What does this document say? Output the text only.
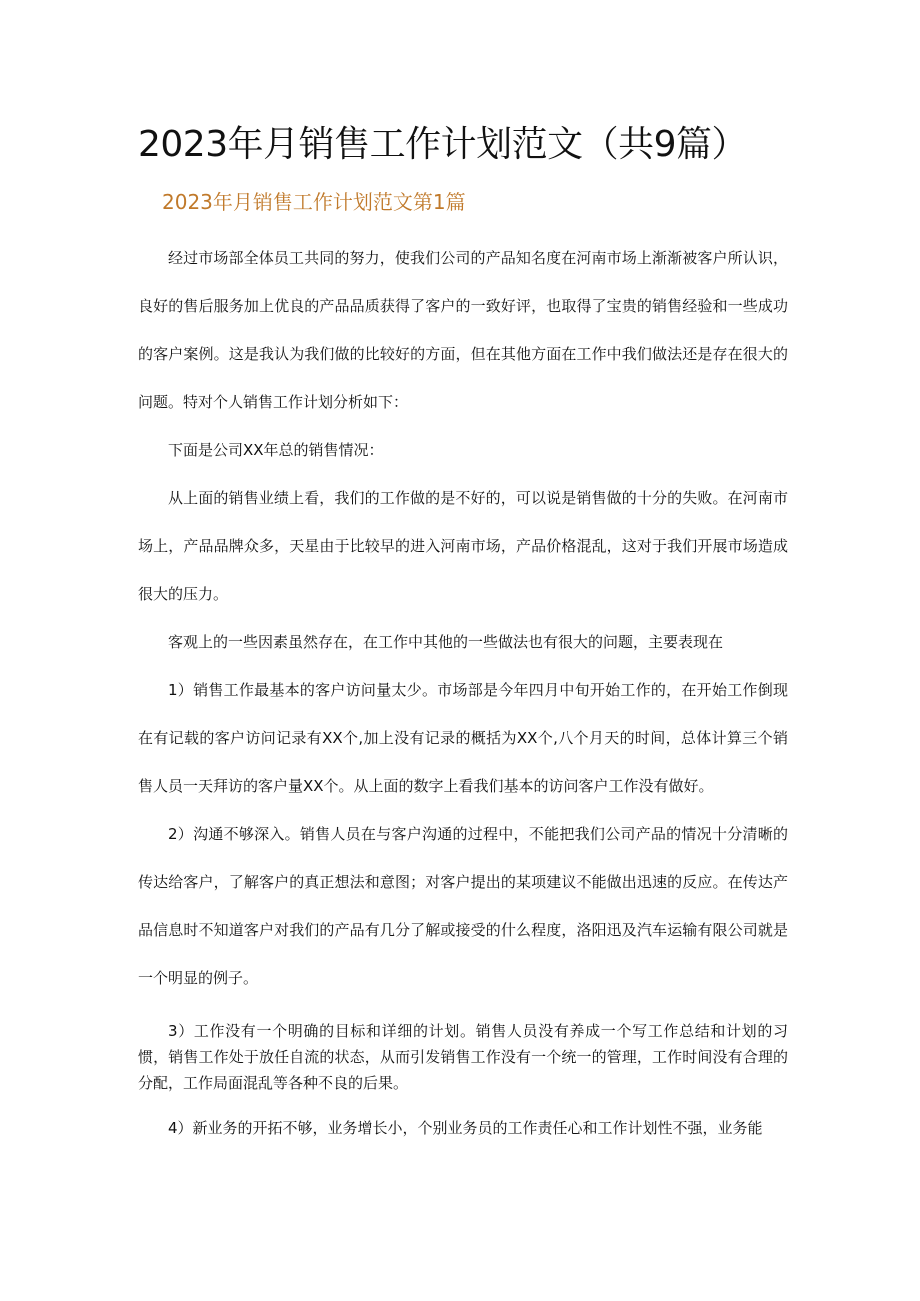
2023年月销售工作计划范文（共9篇）
2023年月销售工作计划范文第1篇

经过市场部全体员工共同的努力，使我们公司的产品知名度在河南市场上渐渐被客户所认识，良好的售后服务加上优良的产品品质获得了客户的一致好评，也取得了宝贵的销售经验和一些成功的客户案例。这是我认为我们做的比较好的方面，但在其他方面在工作中我们做法还是存在很大的问题。特对个人销售工作计划分析如下：

下面是公司XX年总的销售情况：

从上面的销售业绩上看，我们的工作做的是不好的，可以说是销售做的十分的失败。在河南市场上，产品品牌众多，天星由于比较早的进入河南市场，产品价格混乱，这对于我们开展市场造成很大的压力。

客观上的一些因素虽然存在，在工作中其他的一些做法也有很大的问题，主要表现在

1）销售工作最基本的客户访问量太少。市场部是今年四月中旬开始工作的，在开始工作倒现在有记载的客户访问记录有XX个,加上没有记录的概括为XX个,八个月天的时间，总体计算三个销售人员一天拜访的客户量XX个。从上面的数字上看我们基本的访问客户工作没有做好。

2）沟通不够深入。销售人员在与客户沟通的过程中，不能把我们公司产品的情况十分清晰的传达给客户，了解客户的真正想法和意图；对客户提出的某项建议不能做出迅速的反应。在传达产品信息时不知道客户对我们的产品有几分了解或接受的什么程度，洛阳迅及汽车运输有限公司就是一个明显的例子。

3）工作没有一个明确的目标和详细的计划。销售人员没有养成一个写工作总结和计划的习惯，销售工作处于放任自流的状态，从而引发销售工作没有一个统一的管理，工作时间没有合理的分配，工作局面混乱等各种不良的后果。

4）新业务的开拓不够，业务增长小，个别业务员的工作责任心和工作计划性不强，业务能
